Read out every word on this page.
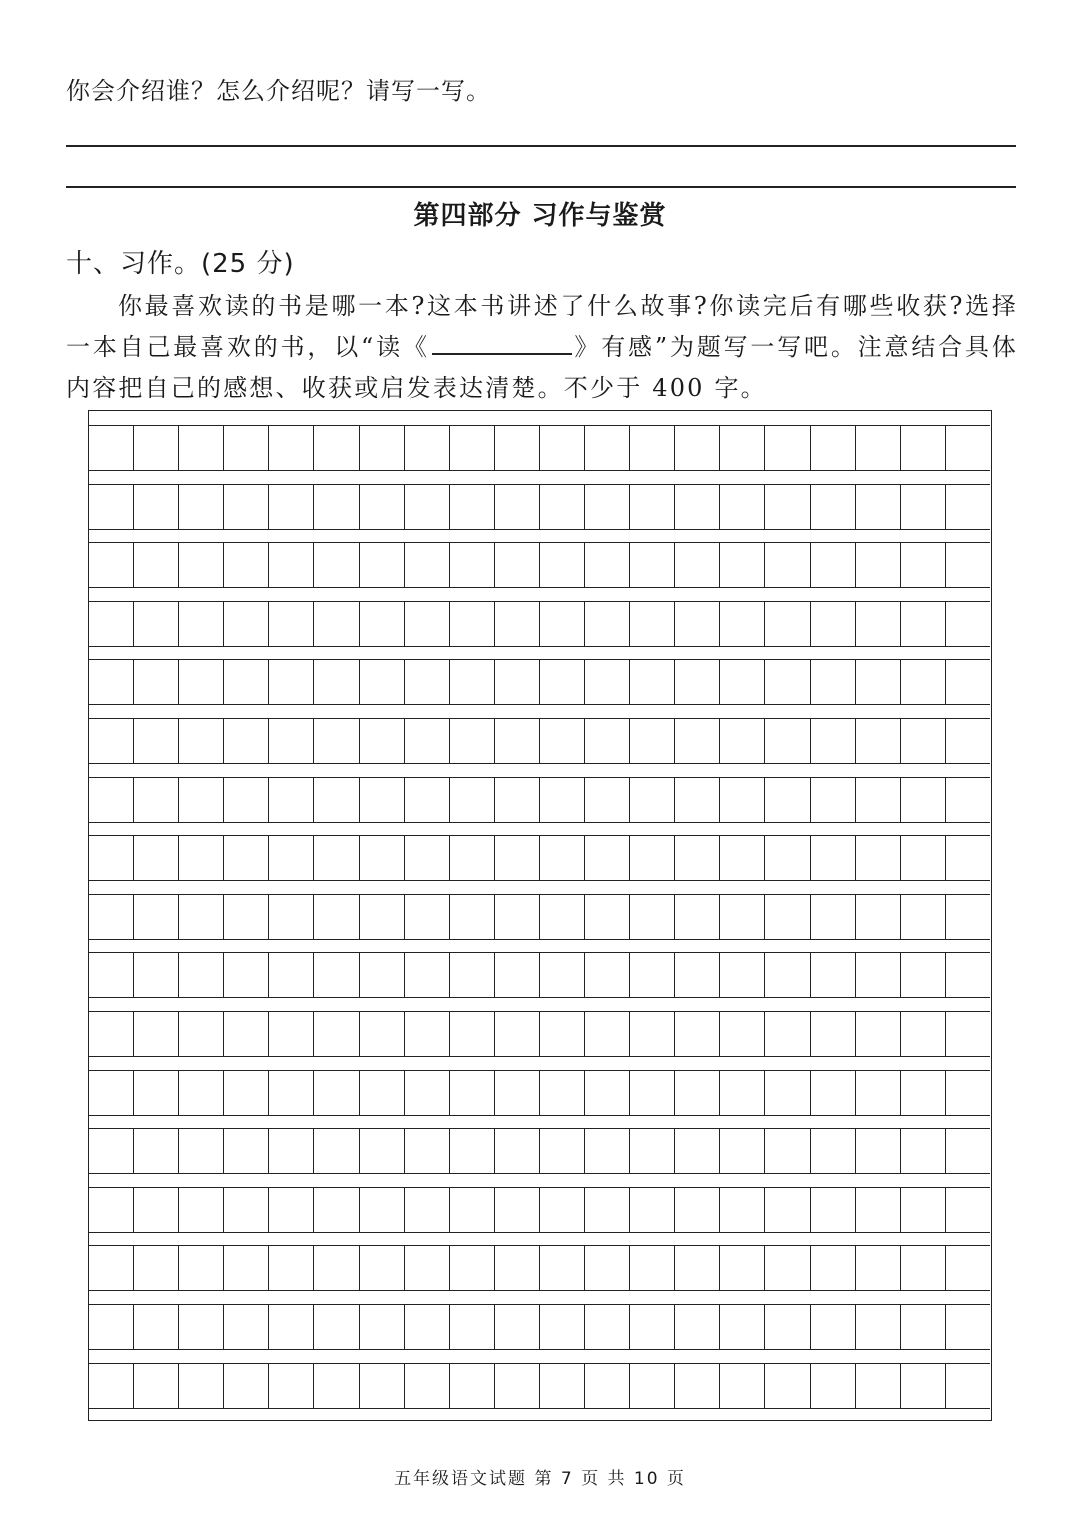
你会介绍谁？怎么介绍呢？请写一写。
第四部分 习作与鉴赏
十、习作。(25 分)
你最喜欢读的书是哪一本?这本书讲述了什么故事?你读完后有哪些收获?选择一本自己最喜欢的书，以“读《	》有感”为题写一写吧。注意结合具体内容把自己的感想、收获或启发表达清楚。不少于 400 字。
五年级语文试题 第 7 页 共 10 页
